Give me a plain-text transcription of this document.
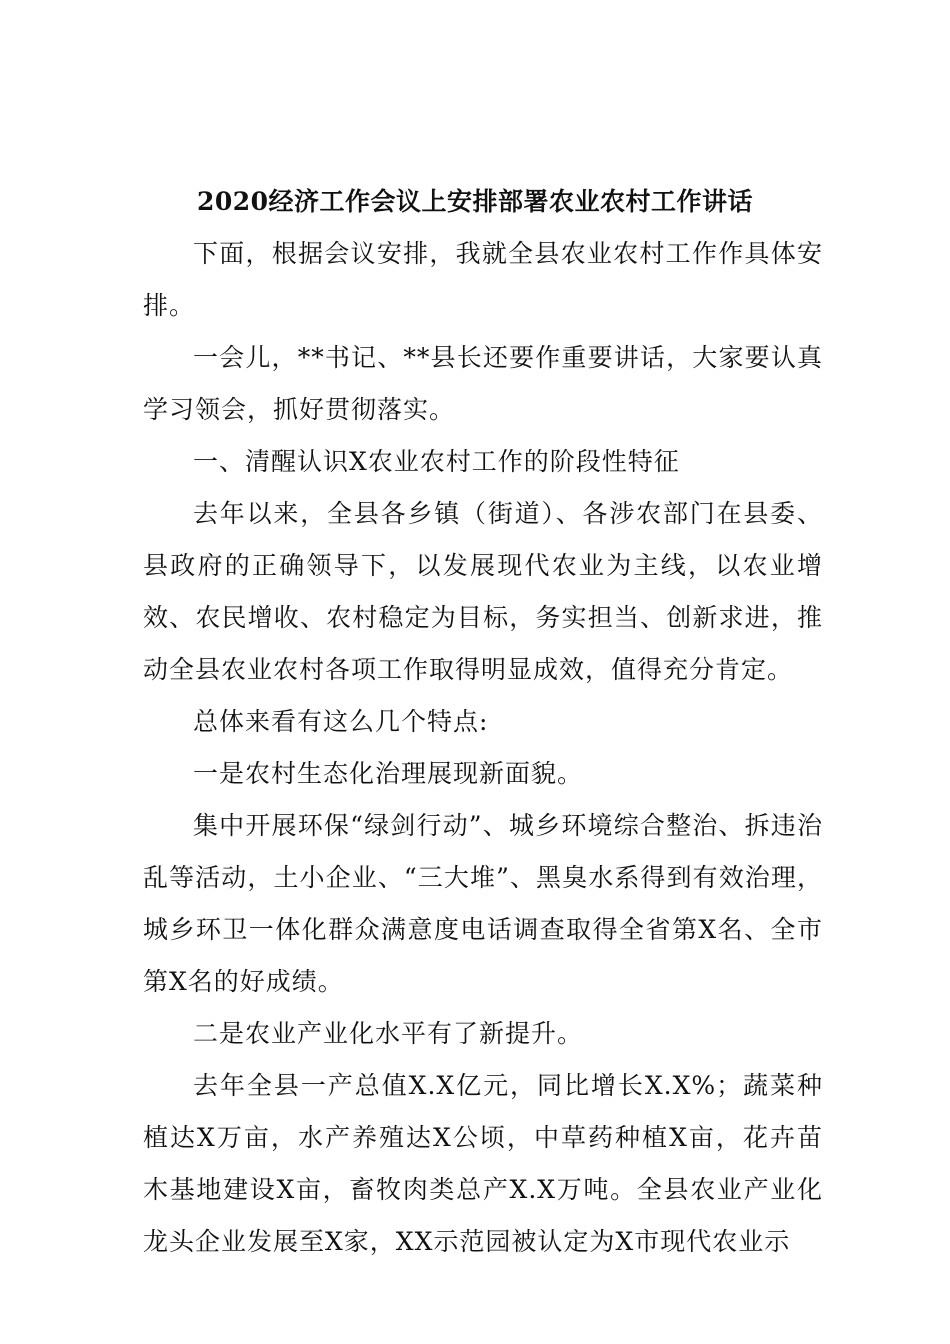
2020经济工作会议上安排部署农业农村工作讲话

下面，根据会议安排，我就全县农业农村工作作具体安排。

一会儿，**书记、**县长还要作重要讲话，大家要认真学习领会，抓好贯彻落实。

一、清醒认识X农业农村工作的阶段性特征

去年以来，全县各乡镇（街道）、各涉农部门在县委、县政府的正确领导下，以发展现代农业为主线，以农业增效、农民增收、农村稳定为目标，务实担当、创新求进，推动全县农业农村各项工作取得明显成效，值得充分肯定。

总体来看有这么几个特点:

一是农村生态化治理展现新面貌。

集中开展环保“绿剑行动”、城乡环境综合整治、拆违治乱等活动，土小企业、“三大堆”、黑臭水系得到有效治理，城乡环卫一体化群众满意度电话调查取得全省第X名、全市第X名的好成绩。

二是农业产业化水平有了新提升。

去年全县一产总值X.X亿元，同比增长X.X%；蔬菜种植达X万亩，水产养殖达X公顷，中草药种植X亩，花卉苗木基地建设X亩，畜牧肉类总产X.X万吨。全县农业产业化龙头企业发展至X家，XX示范园被认定为X市现代农业示
